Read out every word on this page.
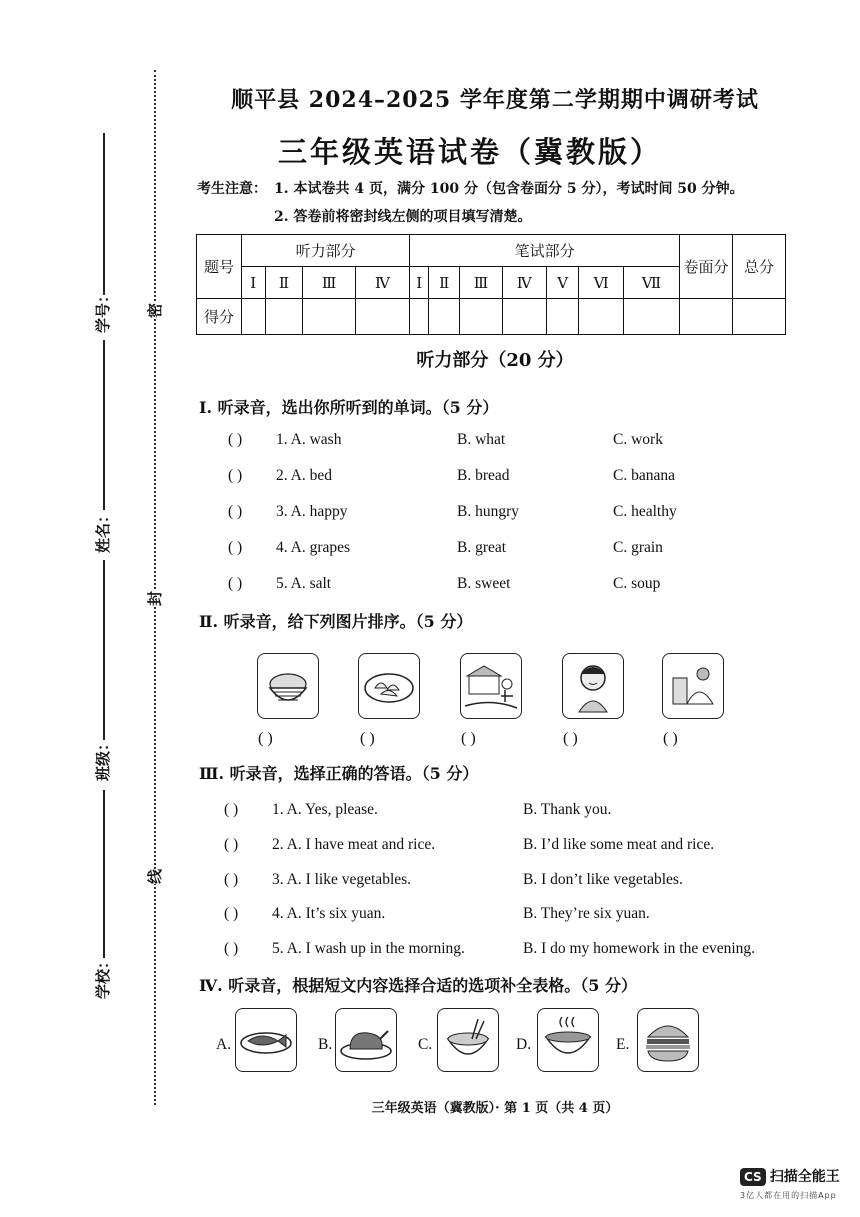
顺平县 2024–2025 学年度第二学期期中调研考试
三年级英语试卷（冀教版）
考生注意： 1. 本试卷共 4 页，满分 100 分（包含卷面分 5 分），考试时间 50 分钟。
2. 答卷前将密封线左侧的项目填写清楚。
学号：
姓名：
班级：
学校：
密
封
线
题号	听力部分				笔试部分							卷面分	总分
	Ⅰ	Ⅱ	Ⅲ	Ⅳ	Ⅰ	Ⅱ	Ⅲ	Ⅳ	Ⅴ	Ⅵ	Ⅶ		
得分													
听力部分（20 分）
Ⅰ. 听录音，选出你所听到的单词。（5 分）
( ) 1. A. wash	B. what	C. work
( ) 2. A. bed	B. bread	C. banana
( ) 3. A. happy	B. hungry	C. healthy
( ) 4. A. grapes	B. great	C. grain
( ) 5. A. salt	B. sweet	C. soup
Ⅱ. 听录音，给下列图片排序。（5 分）
( )	( )	( )	( )	( )
Ⅲ. 听录音，选择正确的答语。（5 分）
( ) 1. A. Yes, please.	B. Thank you.
( ) 2. A. I have meat and rice.	B. I’d like some meat and rice.
( ) 3. A. I like vegetables.	B. I don’t like vegetables.
( ) 4. A. It’s six yuan.	B. They’re six yuan.
( ) 5. A. I wash up in the morning.	B. I do my homework in the evening.
Ⅳ. 听录音，根据短文内容选择合适的选项补全表格。（5 分）
A.	B.	C.	D.	E.
三年级英语（冀教版）· 第 1 页（共 4 页）
CS 扫描全能王
3亿人都在用的扫描App
